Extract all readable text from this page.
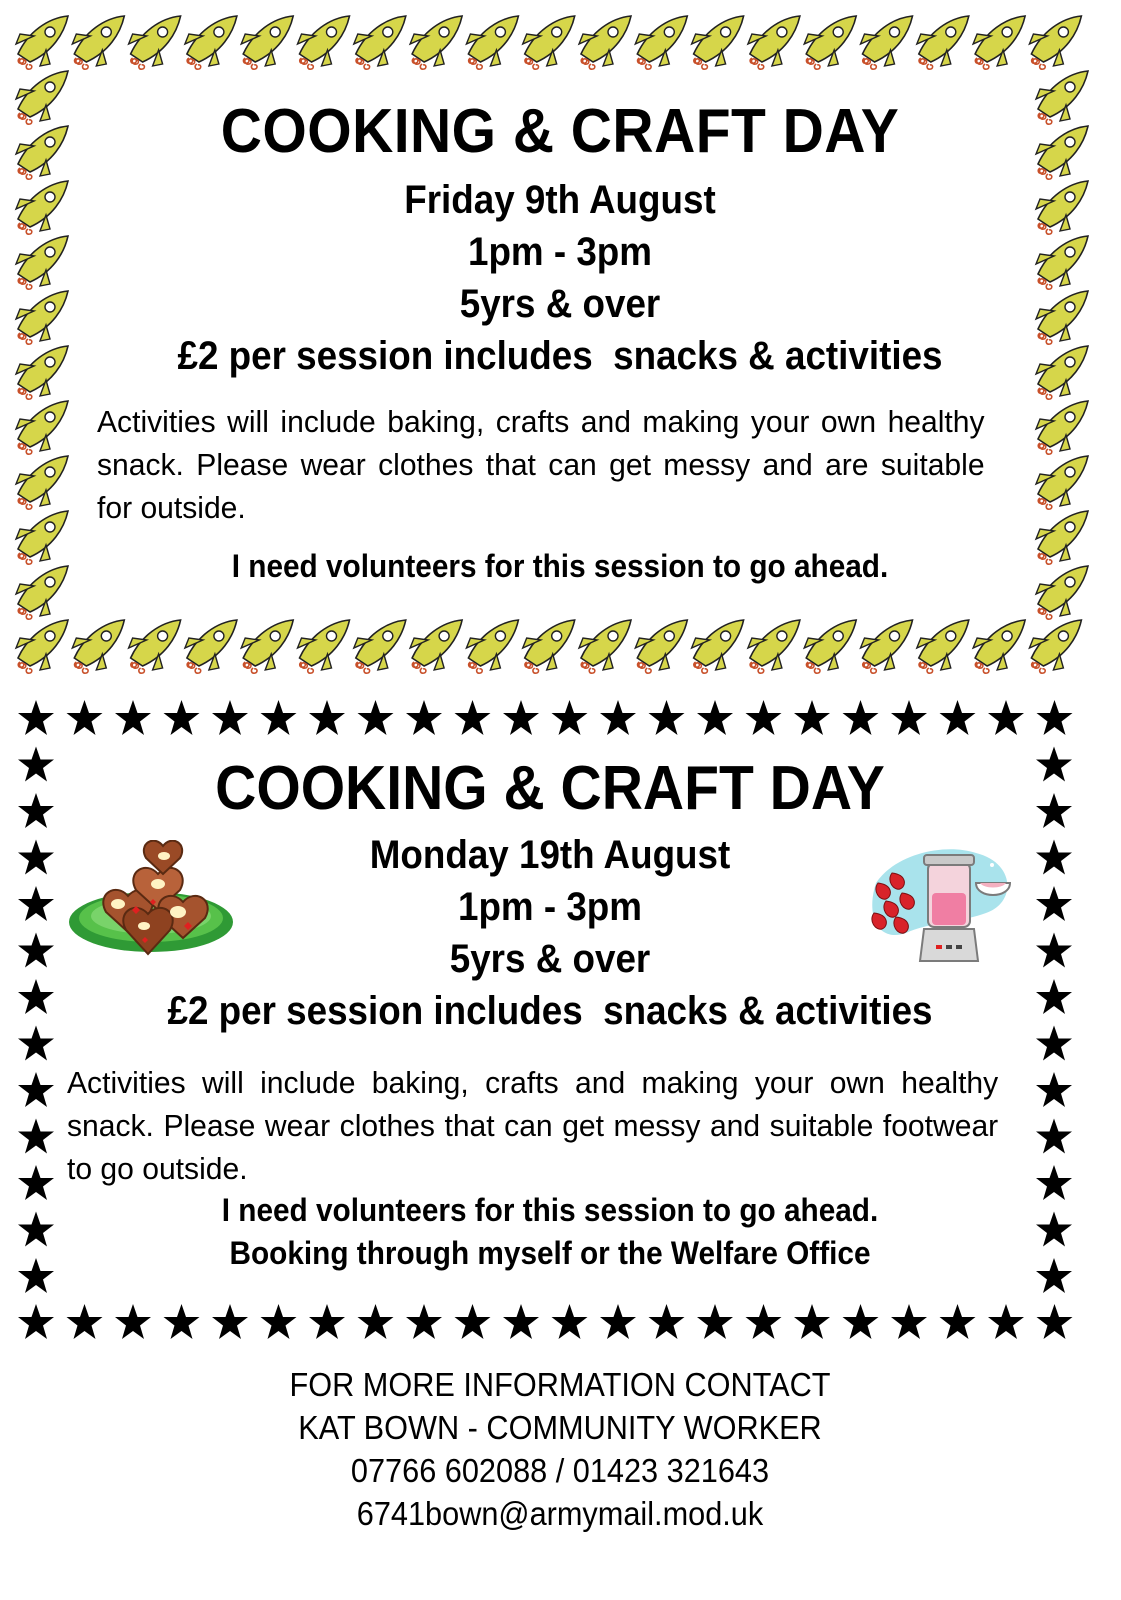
COOKING & CRAFT DAY
Friday 9th August
1pm - 3pm
5yrs & over
£2 per session includes  snacks & activities
Activities will include baking, crafts and making your own healthy snack. Please wear clothes that can get messy and are suitable for outside.
I need volunteers for this session to go ahead.
COOKING & CRAFT DAY
Monday 19th August
1pm - 3pm
5yrs & over
£2 per session includes  snacks & activities
Activities will include baking, crafts and making your own healthy snack. Please wear clothes that can get messy and suitable footwear to go outside.
I need volunteers for this session to go ahead.
Booking through myself or the Welfare Office
FOR MORE INFORMATION CONTACT
KAT BOWN - COMMUNITY WORKER
07766 602088 / 01423 321643
6741bown@armymail.mod.uk
